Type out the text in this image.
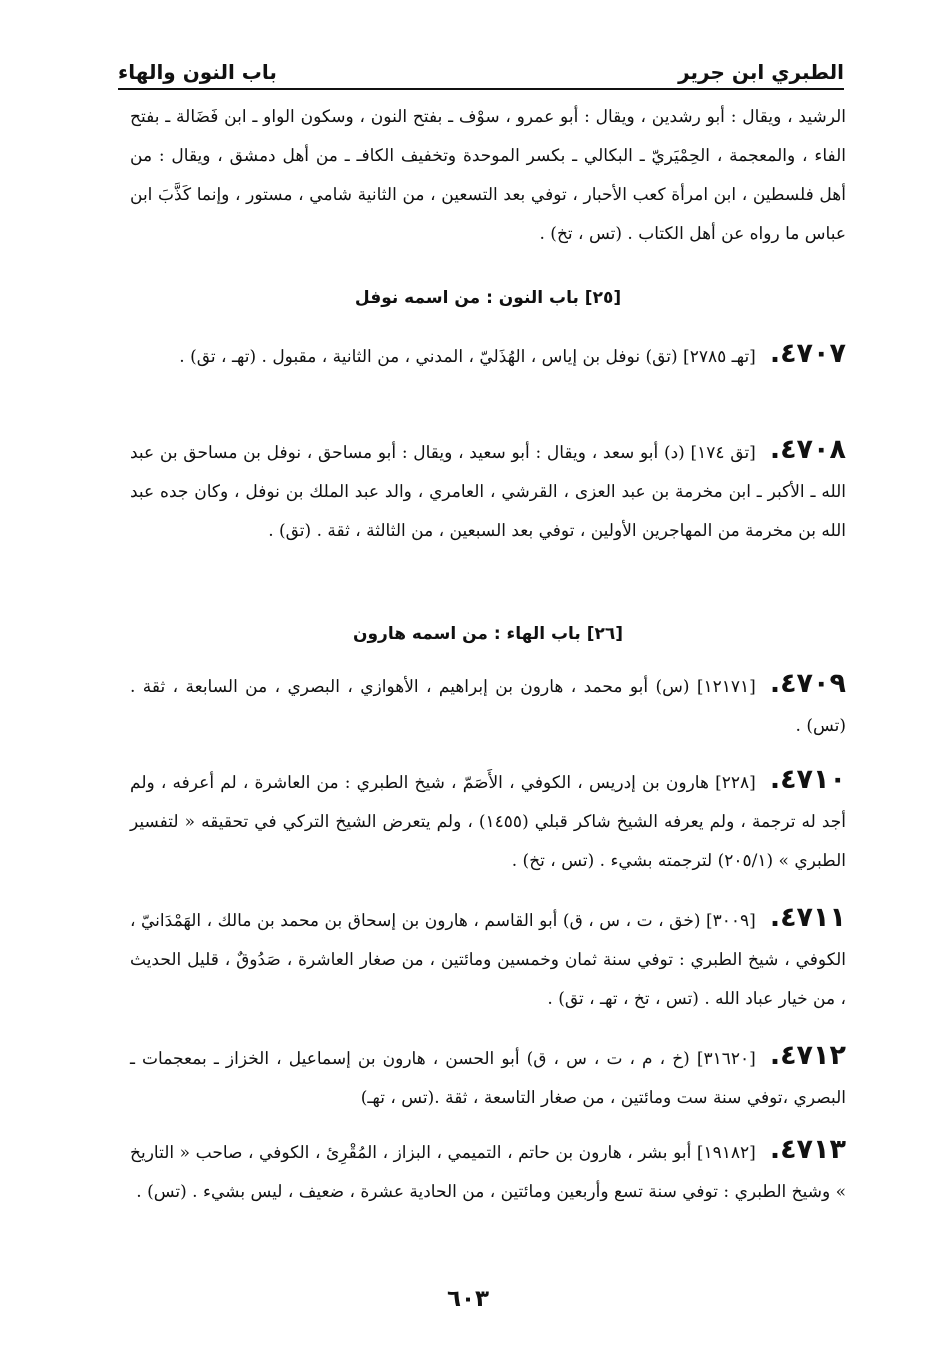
الطبري ابن جرير
باب النون والهاء
الرشيد ، ويقال : أبو رشدين ، ويقال : أبو عمرو ، سوْف ـ بفتح النون ، وسكون الواو ـ ابن فَضَالة ـ بفتح الفاء ، والمعجمة ، الحِمْيَريّ ـ البكالي ـ بكسر الموحدة وتخفيف الكافـ ـ من أهل دمشق ، ويقال : من أهل فلسطين ، ابن امرأة كعب الأحبار ، توفي بعد التسعين ، من الثانية شامي ، مستور ، وإنما كَذَّبَ ابن عباس ما رواه عن أهل الكتاب . (تس ، تخ) .
[٢٥] باب النون : من اسمه نوفل
٤٧٠٧.[تهـ ٢٧٨٥] (تق) نوفل بن إياس ، الهُذَليّ ، المدني ، من الثانية ، مقبول . (تهـ ، تق) .
٤٧٠٨.[تق ١٧٤] (د) أبو سعد ، ويقال : أبو سعيد ، ويقال : أبو مساحق ، نوفل بن مساحق بن عبد الله ـ الأكبر ـ ابن مخرمة بن عبد العزى ، القرشي ، العامري ، والد عبد الملك بن نوفل ، وكان جده عبد الله بن مخرمة من المهاجرين الأولين ، توفي بعد السبعين ، من الثالثة ، ثقة . (تق) .
[٢٦] باب الهاء : من اسمه هارون
٤٧٠٩.[١٢١٧١] (س) أبو محمد ، هارون بن إبراهيم ، الأهوازي ، البصري ، من السابعة ، ثقة . (تس) .
٤٧١٠.[٢٢٨] هارون بن إدريس ، الكوفي ، الأَصَمّ ، شيخ الطبري : من العاشرة ، لم أعرفه ، ولم أجد له ترجمة ، ولم يعرفه الشيخ شاكر قبلي (١٤٥٥) ، ولم يتعرض الشيخ التركي في تحقيقه « لتفسير الطبري » (٢٠٥/١) لترجمته بشيء . (تس ، تخ) .
٤٧١١.[٣٠٠٩] (خق ، ت ، س ، ق) أبو القاسم ، هارون بن إسحاق بن محمد بن مالك ، الهَمْدَانيّ ، الكوفي ، شيخ الطبري : توفي سنة ثمان وخمسين ومائتين ، من صغار العاشرة ، صَدُوقٌ ، قليل الحديث ، من خيار عباد الله . (تس ، تخ ، تهـ ، تق) .
٤٧١٢.[٣١٦٢٠] (خ ، م ، ت ، س ، ق) أبو الحسن ، هارون بن إسماعيل ، الخزاز ـ بمعجمات ـ البصري ،توفي سنة ست ومائتين ، من صغار التاسعة ، ثقة .(تس ، تهـ)
٤٧١٣.[١٩١٨٢] أبو بشر ، هارون بن حاتم ، التميمي ، البزاز ، المُقْرِئ ، الكوفي ، صاحب « التاريخ » وشيخ الطبري : توفي سنة تسع وأربعين ومائتين ، من الحادية عشرة ، ضعيف ، ليس بشيء . (تس) .
٦٠٣
